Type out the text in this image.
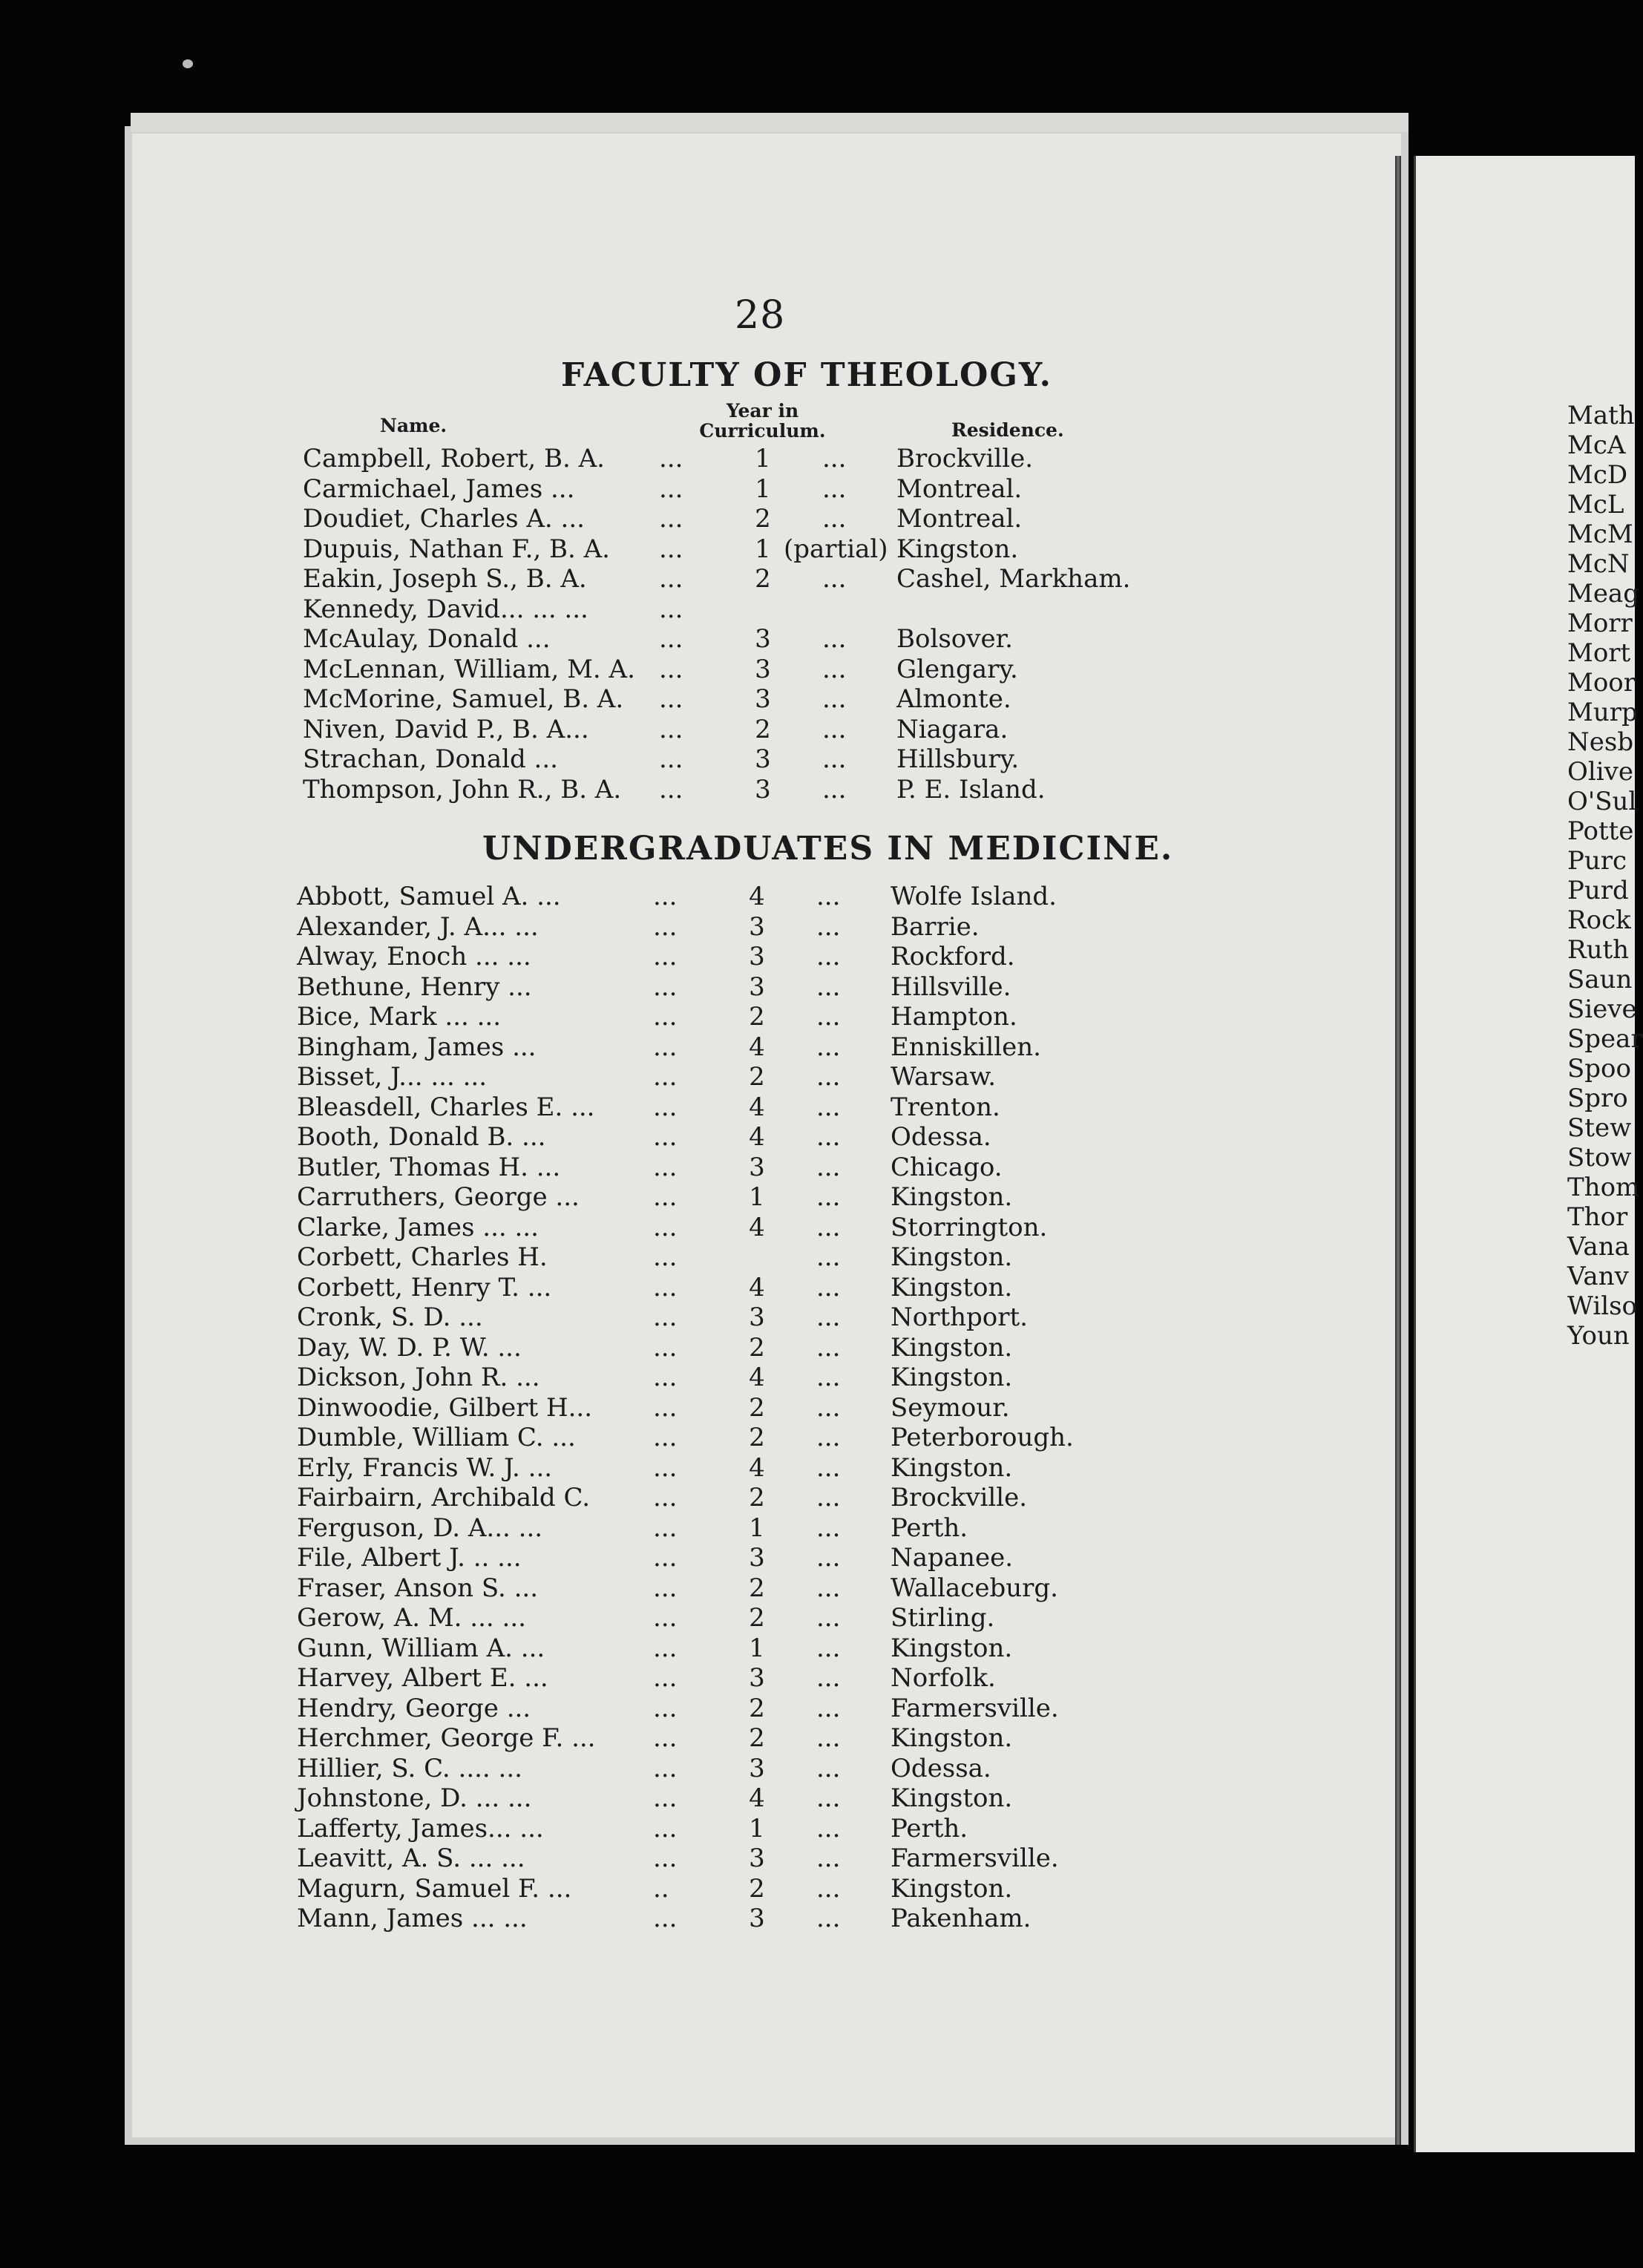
28
FACULTY OF THEOLOGY.
Name.
Year in Curriculum.	Residence.
Campbell, Robert, B. A. ...	1 ... Brockville.
Carmichael, James ...	...	1 ... Montreal.
Doudiet, Charles A. ...	...	2 ... Montreal.
Dupuis, Nathan F., B. A. ...	1 (partial) Kingston.
Eakin, Joseph S., B. A.	...	2 ... Cashel, Markham.
Kennedy, David... ... ...	...
McAulay, Donald ...	...	3 ... Bolsover.
McLennan, William, M. A. ...	3 ... Glengary.
McMorine, Samuel, B. A. ...	3 ... Almonte.
Niven, David P., B. A...	...	2 ... Niagara.
Strachan, Donald ...	...	3 ... Hillsbury.
Thompson, John R., B. A. ...	3 ... P. E. Island.
UNDERGRADUATES IN MEDICINE.
Abbott, Samuel A. ...	...	4 ... Wolfe Island.
Alexander, J. A... ...	...	3 ... Barrie.
Alway, Enoch ... ...	...	3 ... Rockford.
Bethune, Henry ...	...	3 ... Hillsville.
Bice, Mark ... ...	...	2 ... Hampton.
Bingham, James ...	...	4 ... Enniskillen.
Bisset, J... ... ...	...	2 ... Warsaw.
Bleasdell, Charles E. ... ...	4 ... Trenton.
Booth, Donald B. ...	...	4 ... Odessa.
Butler, Thomas H. ...	...	3 ... Chicago.
Carruthers, George ...	...	1 ... Kingston.
Clarke, James ... ...	...	4 ... Storrington.
Corbett, Charles H.	...	... Kingston.
Corbett, Henry T. ...	...	4 ... Kingston.
Cronk, S. D. ...	...	3 ... Northport.
Day, W. D. P. W. ...	...	2 ... Kingston.
Dickson, John R. ...	...	4 ... Kingston.
Dinwoodie, Gilbert H... ...	2 ... Seymour.
Dumble, William C. ...	...	2 ... Peterborough.
Erly, Francis W. J. ...	...	4 ... Kingston.
Fairbairn, Archibald C. ...	2 ... Brockville.
Ferguson, D. A... ...	...	1 ... Perth.
File, Albert J. .. ...	...	3 ... Napanee.
Fraser, Anson S. ...	...	2 ... Wallaceburg.
Gerow, A. M. ... ...	...	2 ... Stirling.
Gunn, William A. ...	...	1 ... Kingston.
Harvey, Albert E. ...	...	3 ... Norfolk.
Hendry, George ...	...	2 ... Farmersville.
Herchmer, George F. ... ...	2 ... Kingston.
Hillier, S. C. .... ...	...	3 ... Odessa.
Johnstone, D. ... ...	...	4 ... Kingston.
Lafferty, James... ...	...	1 ... Perth.
Leavitt, A. S. ... ...	...	3 ... Farmersville.
Magurn, Samuel F. ...	..	2 ... Kingston.
Mann, James ... ...	...	3 ... Pakenham.
Math
McA
McD
McL
McM
McN
Meag
Morr
Mort
Moor
Murp
Nesb
Olive
O'Sul
Potte
Purc
Purd
Rock
Ruth
Saun
Sieve
Spear
Spoo
Spro
Stew
Stow
Thom
Thor
Vana
Vanv
Wilso
Youn
